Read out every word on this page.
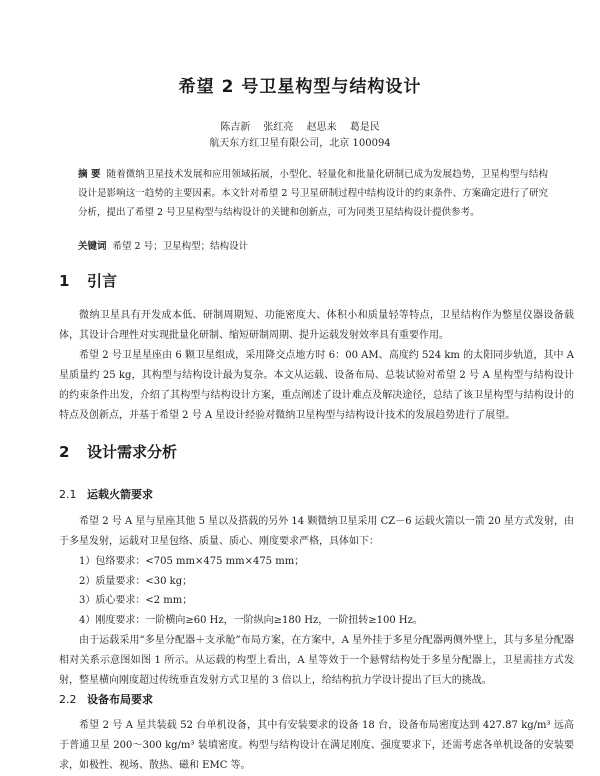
希望 2 号卫星构型与结构设计
陈吉新 张红亮 赵思来 葛是民
航天东方红卫星有限公司，北京 100094
摘 要 随着微纳卫星技术发展和应用领域拓展，小型化、轻量化和批量化研制已成为发展趋势，卫星构型与结构设计是影响这一趋势的主要因素。本文针对希望 2 号卫星研制过程中结构设计的约束条件、方案确定进行了研究分析，提出了希望 2 号卫星构型与结构设计的关键和创新点，可为同类卫星结构设计提供参考。
关键词 希望 2 号；卫星构型；结构设计
1 引言
微纳卫星具有开发成本低、研制周期短、功能密度大、体积小和质量轻等特点，卫星结构作为整星仪器设备载体，其设计合理性对实现批量化研制、缩短研制周期、提升运载发射效率具有重要作用。
希望 2 号卫星星座由 6 颗卫星组成，采用降交点地方时 6：00 AM、高度约 524 km 的太阳同步轨道，其中 A 星质量约 25 kg，其构型与结构设计最为复杂。本文从运载、设备布局、总装试验对希望 2 号 A 星构型与结构设计的约束条件出发，介绍了其构型与结构设计方案，重点阐述了设计难点及解决途径，总结了该卫星构型与结构设计的特点及创新点，并基于希望 2 号 A 星设计经验对微纳卫星构型与结构设计技术的发展趋势进行了展望。
2 设计需求分析
2.1 运载火箭要求
希望 2 号 A 星与星座其他 5 星以及搭载的另外 14 颗微纳卫星采用 CZ－6 运载火箭以一箭 20 星方式发射，由于多星发射，运载对卫星包络、质量、质心、刚度要求严格，具体如下：
1）包络要求：<705 mm×475 mm×475 mm；
2）质量要求：<30 kg；
3）质心要求：<2 mm；
4）刚度要求：一阶横向≥60 Hz，一阶纵向≥180 Hz，一阶扭转≥100 Hz。
由于运载采用“多星分配器＋支承舱”布局方案，在方案中，A 星外挂于多星分配器两侧外壁上，其与多星分配器相对关系示意图如图 1 所示。从运载的构型上看出，A 星等效于一个悬臂结构处于多星分配器上，卫星需挂方式发射，整星横向刚度超过传统垂直发射方式卫星的 3 倍以上，给结构抗力学设计提出了巨大的挑战。
2.2 设备布局要求
希望 2 号 A 星共装载 52 台单机设备，其中有安装要求的设备 18 台，设备布局密度达到 427.87 kg/m³ 远高于普通卫星 200～300 kg/m³ 装填密度。构型与结构设计在满足刚度、强度要求下，还需考虑各单机设备的安装要求，如极性、视场、散热、磁和 EMC 等。
